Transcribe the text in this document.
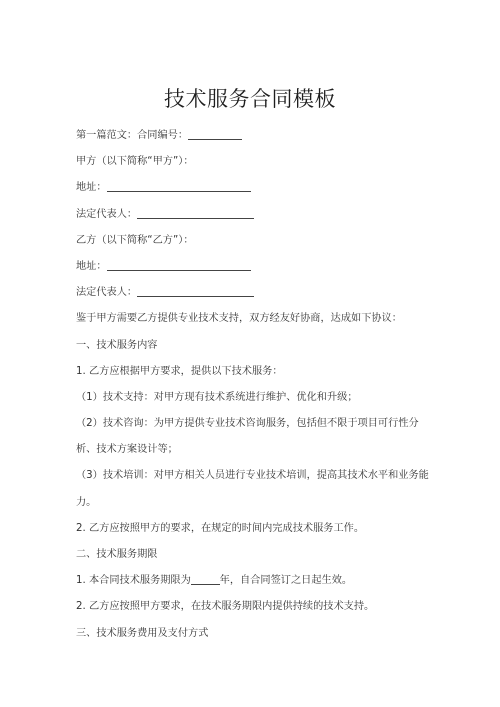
技术服务合同模板
第一篇范文：合同编号：
甲方（以下简称“甲方”）：
地址：
法定代表人：
乙方（以下简称“乙方”）：
地址：
法定代表人：
鉴于甲方需要乙方提供专业技术支持，双方经友好协商，达成如下协议：
一、技术服务内容
1. 乙方应根据甲方要求，提供以下技术服务：
（1）技术支持：对甲方现有技术系统进行维护、优化和升级；
（2）技术咨询：为甲方提供专业技术咨询服务，包括但不限于项目可行性分析、技术方案设计等；
（3）技术培训：对甲方相关人员进行专业技术培训，提高其技术水平和业务能力。
2. 乙方应按照甲方的要求，在规定的时间内完成技术服务工作。
二、技术服务期限
1. 本合同技术服务期限为	年，自合同签订之日起生效。
2. 乙方应按照甲方要求，在技术服务期限内提供持续的技术支持。
三、技术服务费用及支付方式
